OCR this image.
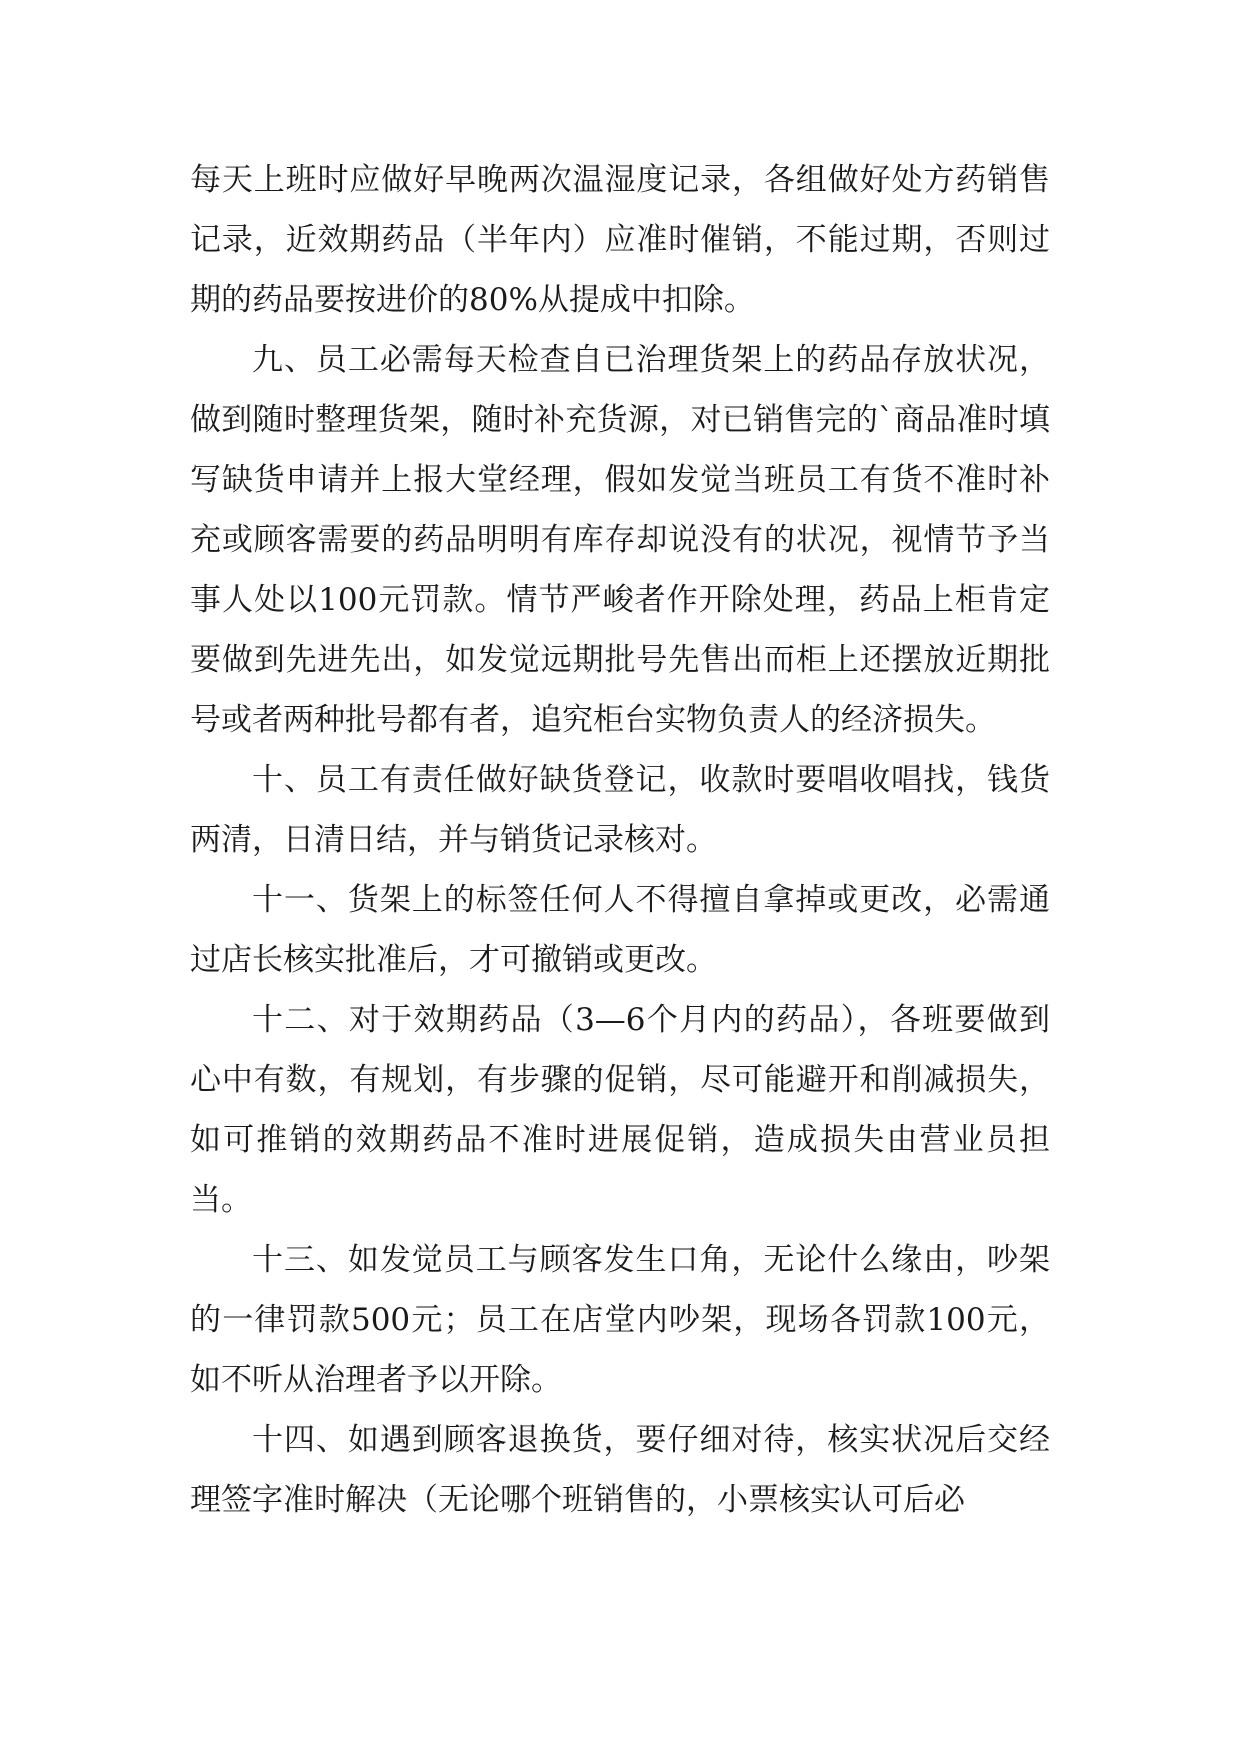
每天上班时应做好早晚两次温湿度记录，各组做好处方药销售记录，近效期药品（半年内）应准时催销，不能过期，否则过期的药品要按进价的80%从提成中扣除。

九、员工必需每天检查自已治理货架上的药品存放状况，做到随时整理货架，随时补充货源，对已销售完的`商品准时填写缺货申请并上报大堂经理，假如发觉当班员工有货不准时补充或顾客需要的药品明明有库存却说没有的状况，视情节予当事人处以100元罚款。情节严峻者作开除处理，药品上柜肯定要做到先进先出，如发觉远期批号先售出而柜上还摆放近期批号或者两种批号都有者，追究柜台实物负责人的经济损失。

十、员工有责任做好缺货登记，收款时要唱收唱找，钱货两清，日清日结，并与销货记录核对。

十一、货架上的标签任何人不得擅自拿掉或更改，必需通过店长核实批准后，才可撤销或更改。

十二、对于效期药品（3—6个月内的药品），各班要做到心中有数，有规划，有步骤的促销，尽可能避开和削减损失，如可推销的效期药品不准时进展促销，造成损失由营业员担当。

十三、如发觉员工与顾客发生口角，无论什么缘由，吵架的一律罚款500元；员工在店堂内吵架，现场各罚款100元，如不听从治理者予以开除。

十四、如遇到顾客退换货，要仔细对待，核实状况后交经理签字准时解决（无论哪个班销售的，小票核实认可后必
